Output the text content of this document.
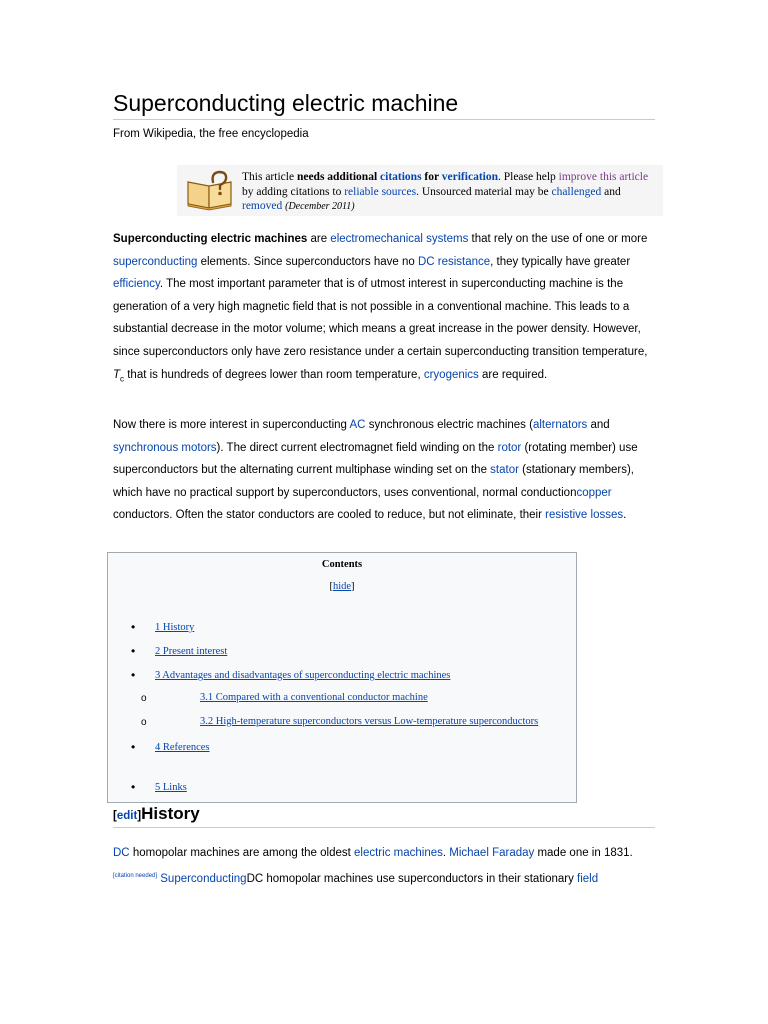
Superconducting electric machine
From Wikipedia, the free encyclopedia
This article needs additional citations for verification. Please help improve this article by adding citations to reliable sources. Unsourced material may be challenged and removed (December 2011)
Superconducting electric machines are electromechanical systems that rely on the use of one or more superconducting elements. Since superconductors have no DC resistance, they typically have greater efficiency. The most important parameter that is of utmost interest in superconducting machine is the generation of a very high magnetic field that is not possible in a conventional machine. This leads to a substantial decrease in the motor volume; which means a great increase in the power density. However, since superconductors only have zero resistance under a certain superconducting transition temperature, $T_c$ that is hundreds of degrees lower than room temperature, cryogenics are required.
Now there is more interest in superconducting AC synchronous electric machines (alternators and synchronous motors). The direct current electromagnet field winding on the rotor (rotating member) use superconductors but the alternating current multiphase winding set on the stator (stationary members), which have no practical support by superconductors, uses conventional, normal conductioncopper conductors. Often the stator conductors are cooled to reduce, but not eliminate, their resistive losses.
Contents
[hide]
• 1 History
• 2 Present interest
• 3 Advantages and disadvantages of superconducting electric machines
o	3.1 Compared with a conventional conductor machine
o	3.2 High-temperature superconductors versus Low-temperature superconductors
• 4 References
• 5 Links
[edit]History
DC homopolar machines are among the oldest electric machines. Michael Faraday made one in 1831.
[citation needed] SuperconductingDC homopolar machines use superconductors in their stationary field
